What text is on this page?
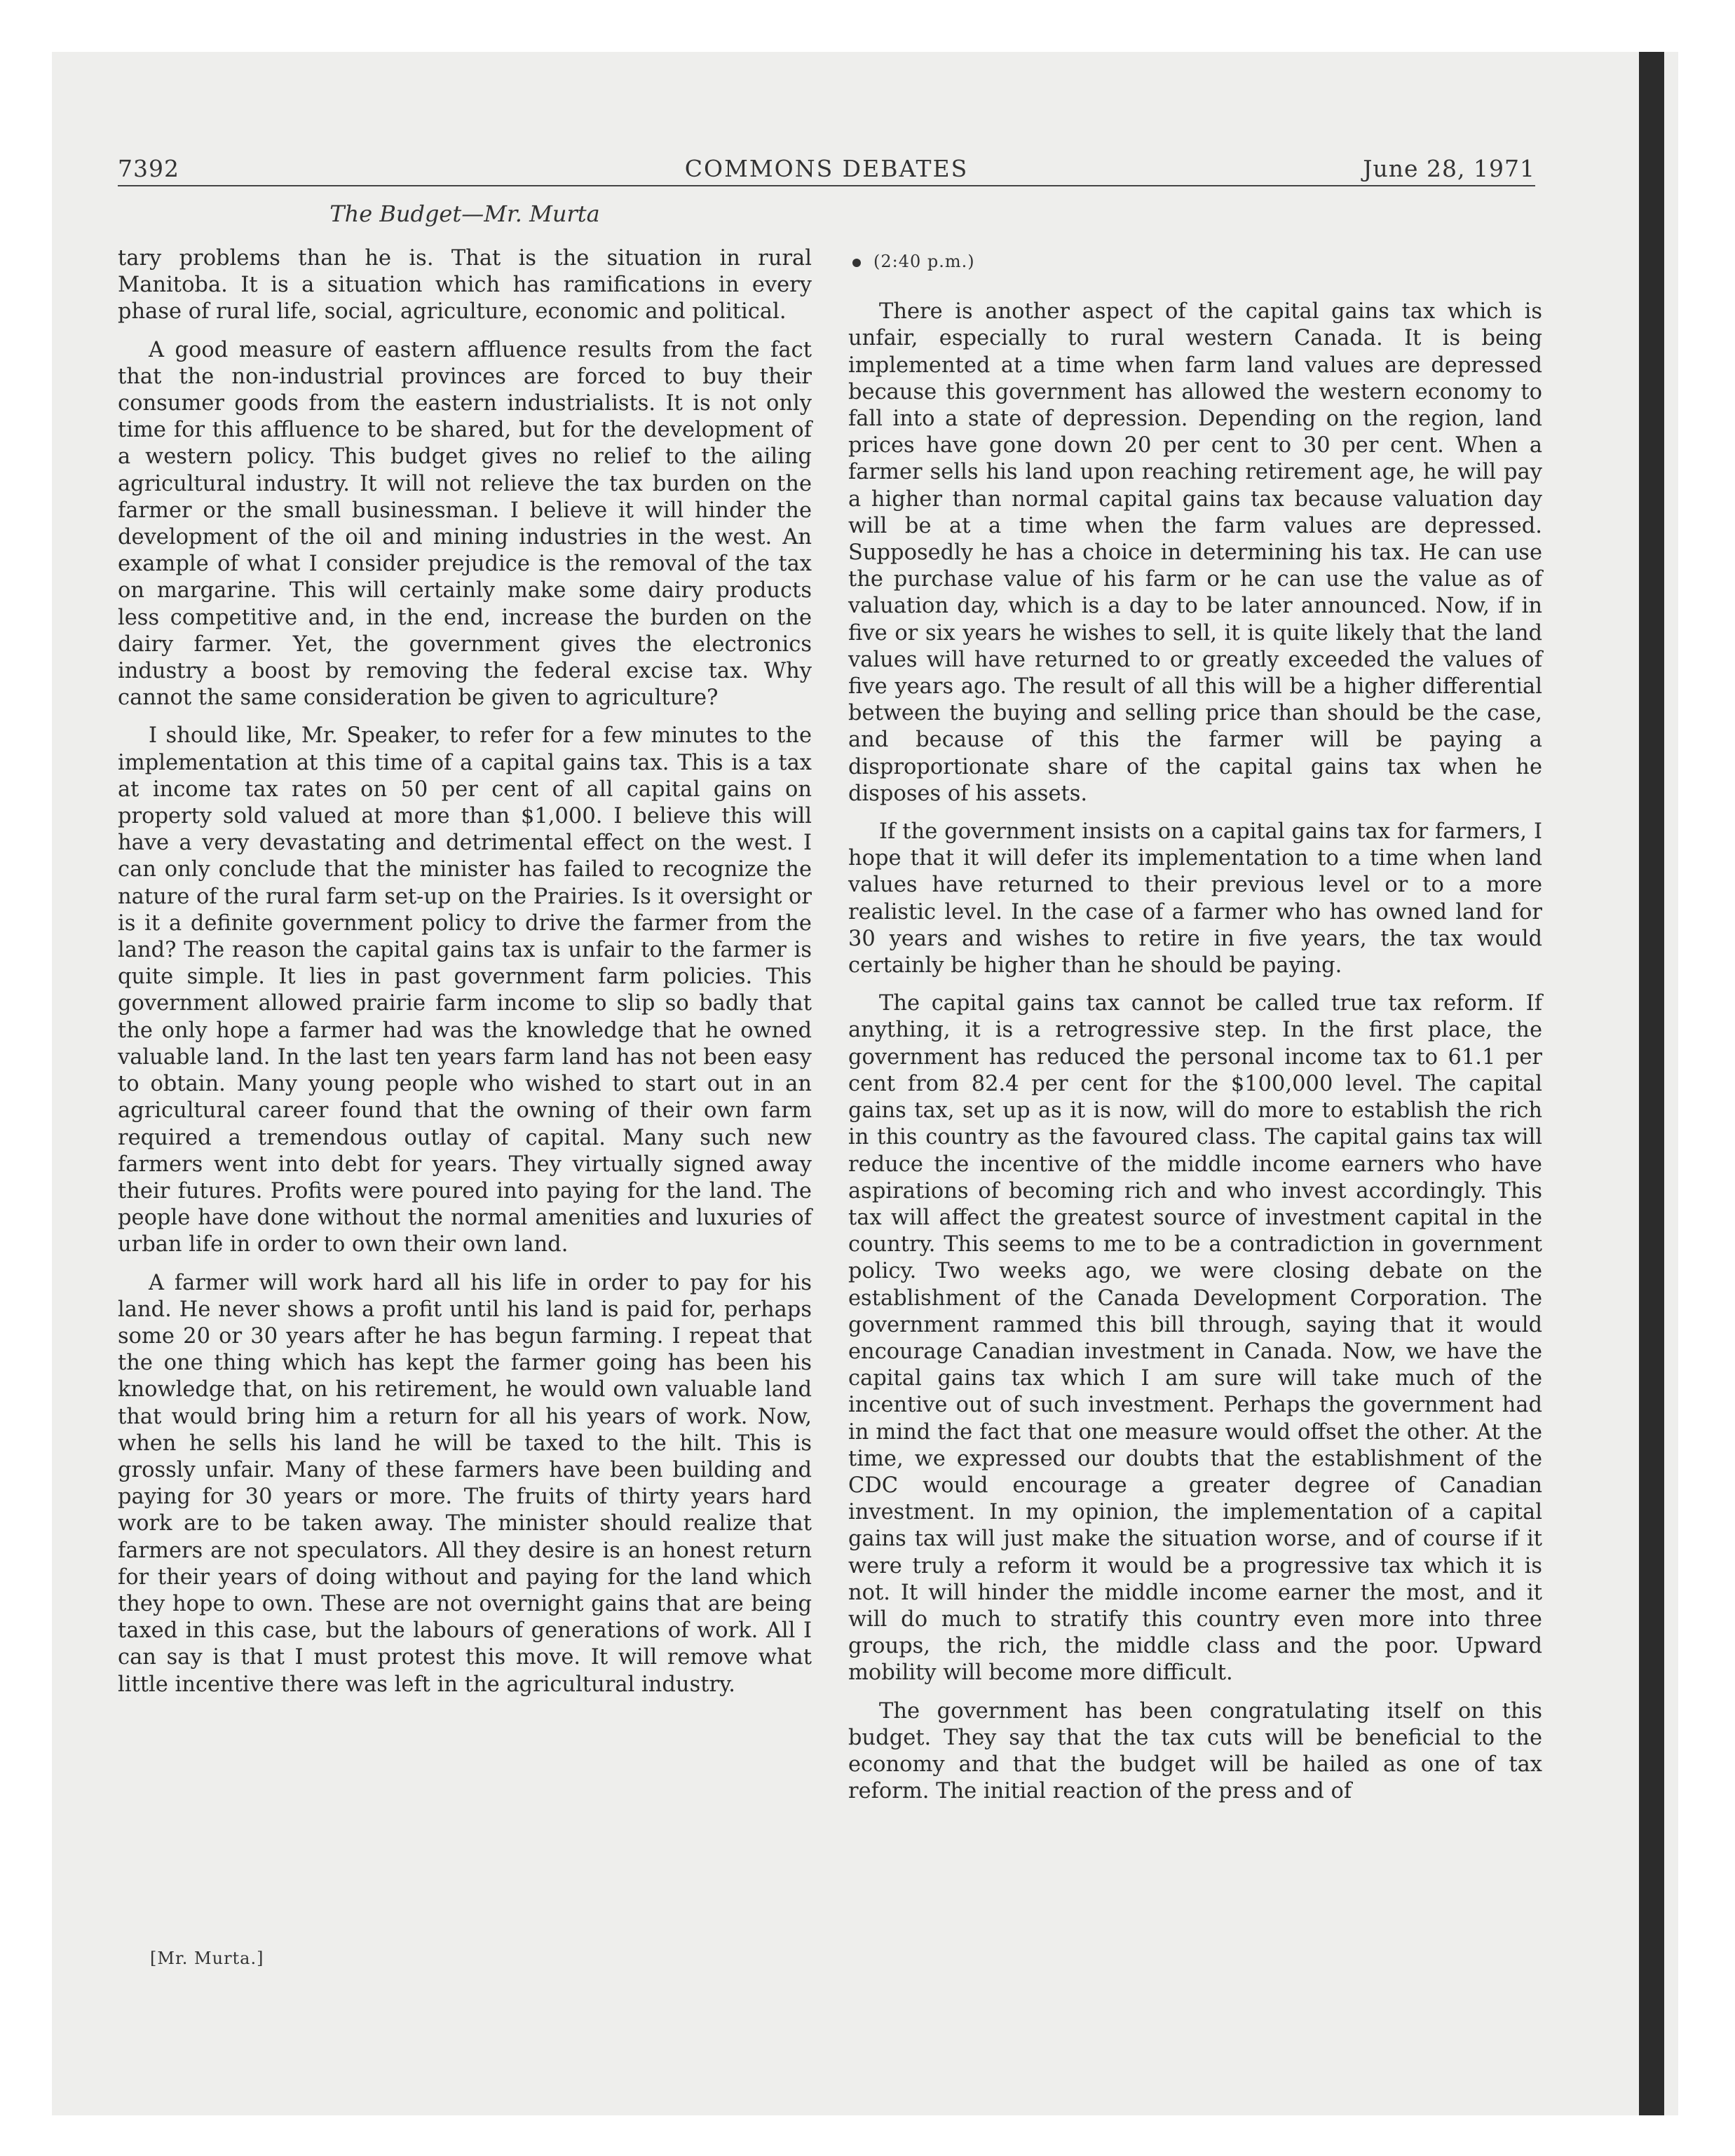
7392	COMMONS DEBATES	June 28, 1971
The Budget—Mr. Murta

tary problems than he is. That is the situation in rural Manitoba. It is a situation which has ramifications in every phase of rural life, social, agriculture, economic and political.

A good measure of eastern affluence results from the fact that the non-industrial provinces are forced to buy their consumer goods from the eastern industrialists. It is not only time for this affluence to be shared, but for the development of a western policy. This budget gives no relief to the ailing agricultural industry. It will not relieve the tax burden on the farmer or the small businessman. I believe it will hinder the development of the oil and mining industries in the west. An example of what I consider prejudice is the removal of the tax on margarine. This will certainly make some dairy products less competitive and, in the end, increase the burden on the dairy farmer. Yet, the government gives the electronics industry a boost by removing the federal excise tax. Why cannot the same consideration be given to agriculture?

I should like, Mr. Speaker, to refer for a few minutes to the implementation at this time of a capital gains tax. This is a tax at income tax rates on 50 per cent of all capital gains on property sold valued at more than $1,000. I believe this will have a very devastating and detrimental effect on the west. I can only conclude that the minister has failed to recognize the nature of the rural farm set-up on the Prairies. Is it oversight or is it a definite government policy to drive the farmer from the land? The reason the capital gains tax is unfair to the farmer is quite simple. It lies in past government farm policies. This government allowed prairie farm income to slip so badly that the only hope a farmer had was the knowledge that he owned valuable land. In the last ten years farm land has not been easy to obtain. Many young people who wished to start out in an agricultural career found that the owning of their own farm required a tremendous outlay of capital. Many such new farmers went into debt for years. They virtually signed away their futures. Profits were poured into paying for the land. The people have done without the normal amenities and luxuries of urban life in order to own their own land.

A farmer will work hard all his life in order to pay for his land. He never shows a profit until his land is paid for, perhaps some 20 or 30 years after he has begun farming. I repeat that the one thing which has kept the farmer going has been his knowledge that, on his retirement, he would own valuable land that would bring him a return for all his years of work. Now, when he sells his land he will be taxed to the hilt. This is grossly unfair. Many of these farmers have been building and paying for 30 years or more. The fruits of thirty years hard work are to be taken away. The minister should realize that farmers are not speculators. All they desire is an honest return for their years of doing without and paying for the land which they hope to own. These are not overnight gains that are being taxed in this case, but the labours of generations of work. All I can say is that I must protest this move. It will remove what little incentive there was left in the agricultural industry.

[Mr. Murta.]
(2:40 p.m.)

There is another aspect of the capital gains tax which is unfair, especially to rural western Canada. It is being implemented at a time when farm land values are depressed because this government has allowed the western economy to fall into a state of depression. Depending on the region, land prices have gone down 20 per cent to 30 per cent. When a farmer sells his land upon reaching retirement age, he will pay a higher than normal capital gains tax because valuation day will be at a time when the farm values are depressed. Supposedly he has a choice in determining his tax. He can use the purchase value of his farm or he can use the value as of valuation day, which is a day to be later announced. Now, if in five or six years he wishes to sell, it is quite likely that the land values will have returned to or greatly exceeded the values of five years ago. The result of all this will be a higher differential between the buying and selling price than should be the case, and because of this the farmer will be paying a disproportionate share of the capital gains tax when he disposes of his assets.

If the government insists on a capital gains tax for farmers, I hope that it will defer its implementation to a time when land values have returned to their previous level or to a more realistic level. In the case of a farmer who has owned land for 30 years and wishes to retire in five years, the tax would certainly be higher than he should be paying.

The capital gains tax cannot be called true tax reform. If anything, it is a retrogressive step. In the first place, the government has reduced the personal income tax to 61.1 per cent from 82.4 per cent for the $100,000 level. The capital gains tax, set up as it is now, will do more to establish the rich in this country as the favoured class. The capital gains tax will reduce the incentive of the middle income earners who have aspirations of becoming rich and who invest accordingly. This tax will affect the greatest source of investment capital in the country. This seems to me to be a contradiction in government policy. Two weeks ago, we were closing debate on the establishment of the Canada Development Corporation. The government rammed this bill through, saying that it would encourage Canadian investment in Canada. Now, we have the capital gains tax which I am sure will take much of the incentive out of such investment. Perhaps the government had in mind the fact that one measure would offset the other. At the time, we expressed our doubts that the establishment of the CDC would encourage a greater degree of Canadian investment. In my opinion, the implementation of a capital gains tax will just make the situation worse, and of course if it were truly a reform it would be a progressive tax which it is not. It will hinder the middle income earner the most, and it will do much to stratify this country even more into three groups, the rich, the middle class and the poor. Upward mobility will become more difficult.

The government has been congratulating itself on this budget. They say that the tax cuts will be beneficial to the economy and that the budget will be hailed as one of tax reform. The initial reaction of the press and of
